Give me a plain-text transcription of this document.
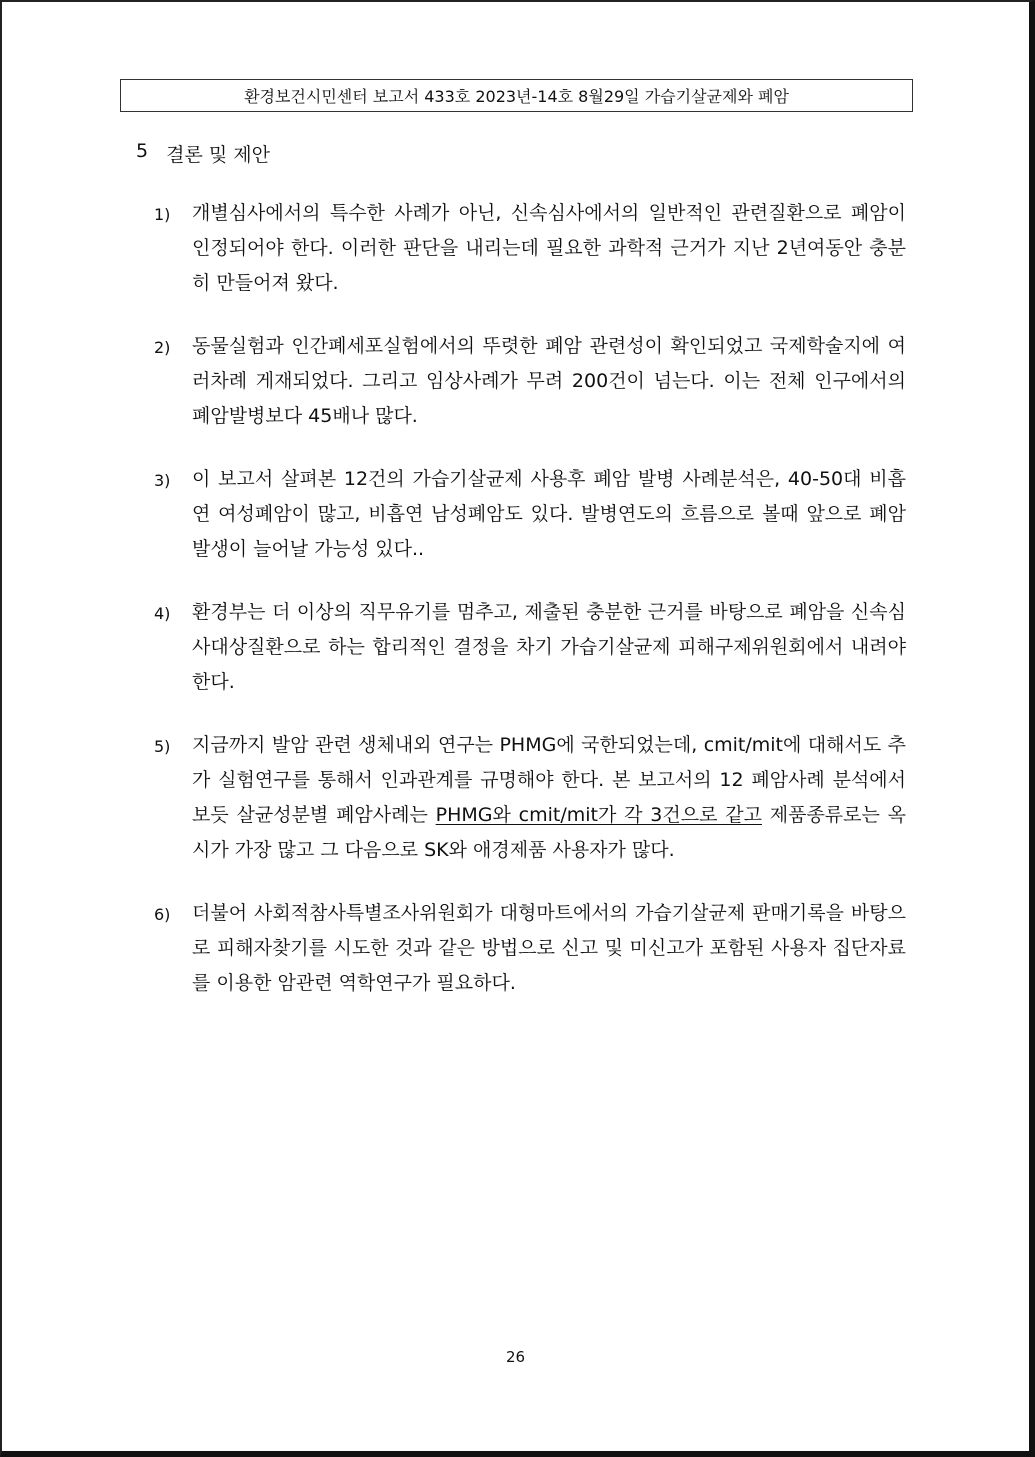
환경보건시민센터 보고서 433호 2023년-14호 8월29일 가습기살균제와 폐암
5 결론 및 제안
1)	개별심사에서의 특수한 사례가 아닌, 신속심사에서의 일반적인 관련질환으로 폐암이 인정되어야 한다. 이러한 판단을 내리는데 필요한 과학적 근거가 지난 2년여동안 충분히 만들어져 왔다.
2)	동물실험과 인간폐세포실험에서의 뚜렷한 폐암 관련성이 확인되었고 국제학술지에 여러차례 게재되었다. 그리고 임상사례가 무려 200건이 넘는다. 이는 전체 인구에서의 폐암발병보다 45배나 많다.
3)	이 보고서 살펴본 12건의 가습기살균제 사용후 폐암 발병 사례분석은, 40-50대 비흡연 여성폐암이 많고, 비흡연 남성폐암도 있다. 발병연도의 흐름으로 볼때 앞으로 폐암발생이 늘어날 가능성 있다..
4)	환경부는 더 이상의 직무유기를 멈추고, 제출된 충분한 근거를 바탕으로 폐암을 신속심사대상질환으로 하는 합리적인 결정을 차기 가습기살균제 피해구제위원회에서 내려야 한다.
5)	지금까지 발암 관련 생체내외 연구는 PHMG에 국한되었는데, cmit/mit에 대해서도 추가 실험연구를 통해서 인과관계를 규명해야 한다. 본 보고서의 12 폐암사례 분석에서 보듯 살균성분별 폐암사례는 PHMG와 cmit/mit가 각 3건으로 같고 제품종류로는 옥시가 가장 많고 그 다음으로 SK와 애경제품 사용자가 많다.
6)	더불어 사회적참사특별조사위원회가 대형마트에서의 가습기살균제 판매기록을 바탕으로 피해자찾기를 시도한 것과 같은 방법으로 신고 및 미신고가 포함된 사용자 집단자료를 이용한 암관련 역학연구가 필요하다.
26
